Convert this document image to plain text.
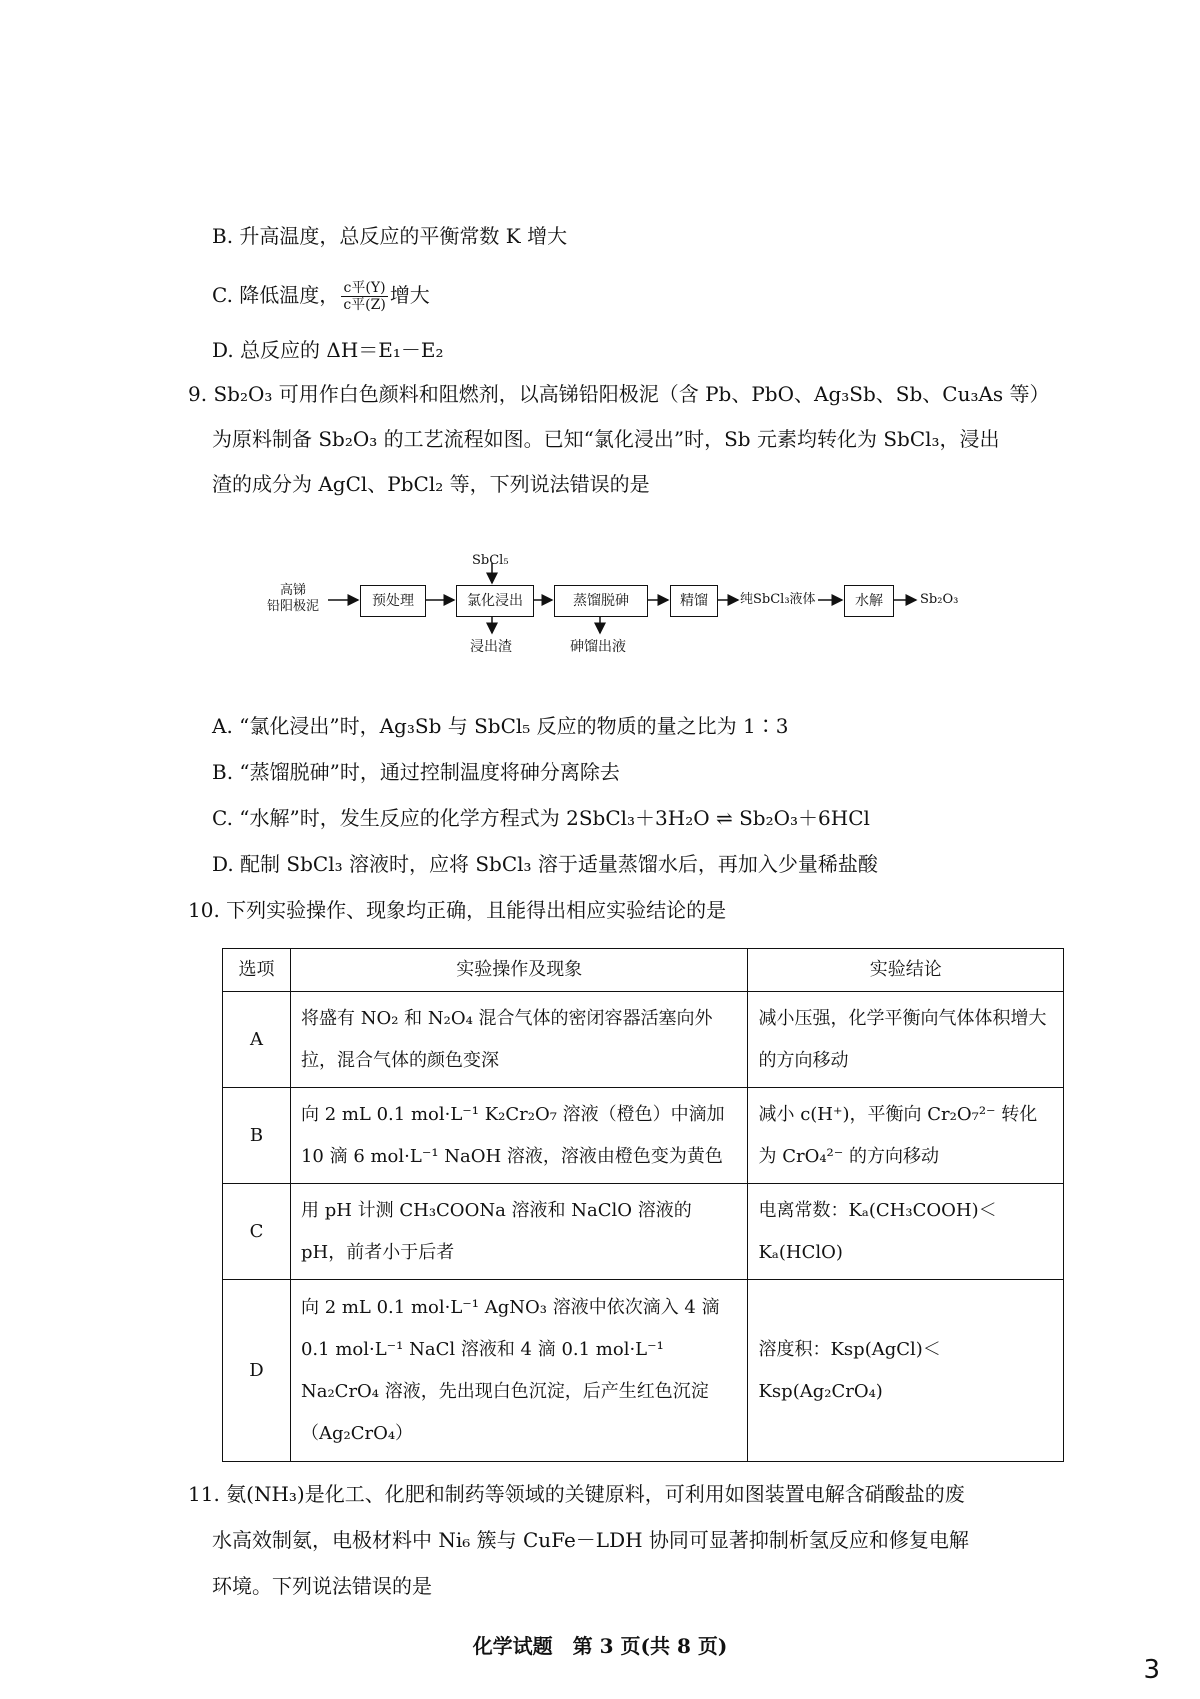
B. 升高温度，总反应的平衡常数 K 增大
C. 降低温度， $\frac{\text{c平(Y)}}{\text{c平(Z)}}$ 增大
D. 总反应的 ΔH＝E₁－E₂
9. Sb₂O₃ 可用作白色颜料和阻燃剂，以高锑铅阳极泥（含 Pb、PbO、Ag₃Sb、Sb、Cu₃As 等）
为原料制备 Sb₂O₃ 的工艺流程如图。已知“氯化浸出”时，Sb 元素均转化为 SbCl₃，浸出
渣的成分为 AgCl、PbCl₂ 等，下列说法错误的是
高锑
铅阳极泥	预处理
SbCl₅
氯化浸出
浸出渣
蒸馏脱砷
砷馏出液
精馏	纯SbCl₃液体	水解	Sb₂O₃
A. “氯化浸出”时，Ag₃Sb 与 SbCl₅ 反应的物质的量之比为 1∶3
B. “蒸馏脱砷”时，通过控制温度将砷分离除去
C. “水解”时，发生反应的化学方程式为 2SbCl₃＋3H₂O ⇌ Sb₂O₃＋6HCl
D. 配制 SbCl₃ 溶液时，应将 SbCl₃ 溶于适量蒸馏水后，再加入少量稀盐酸
10. 下列实验操作、现象均正确，且能得出相应实验结论的是
选项	实验操作及现象	实验结论
A	将盛有 NO₂ 和 N₂O₄ 混合气体的密闭容器活塞向外拉，混合气体的颜色变深	减小压强，化学平衡向气体体积增大的方向移动
B	向 2 mL 0.1 mol·L⁻¹ K₂Cr₂O₇ 溶液（橙色）中滴加 10 滴 6 mol·L⁻¹ NaOH 溶液，溶液由橙色变为黄色	减小 c(H⁺)，平衡向 Cr₂O₇²⁻ 转化为 CrO₄²⁻ 的方向移动
C	用 pH 计测 CH₃COONa 溶液和 NaClO 溶液的 pH，前者小于后者	电离常数：Kₐ(CH₃COOH)＜Kₐ(HClO)
D	向 2 mL 0.1 mol·L⁻¹ AgNO₃ 溶液中依次滴入 4 滴 0.1 mol·L⁻¹ NaCl 溶液和 4 滴 0.1 mol·L⁻¹ Na₂CrO₄ 溶液，先出现白色沉淀，后产生红色沉淀（Ag₂CrO₄）	溶度积：Ksp(AgCl)＜Ksp(Ag₂CrO₄)
11. 氨(NH₃)是化工、化肥和制药等领域的关键原料，可利用如图装置电解含硝酸盐的废
水高效制氨，电极材料中 Ni₆ 簇与 CuFe－LDH 协同可显著抑制析氢反应和修复电解
环境。下列说法错误的是
化学试题　第 3 页(共 8 页)
3
